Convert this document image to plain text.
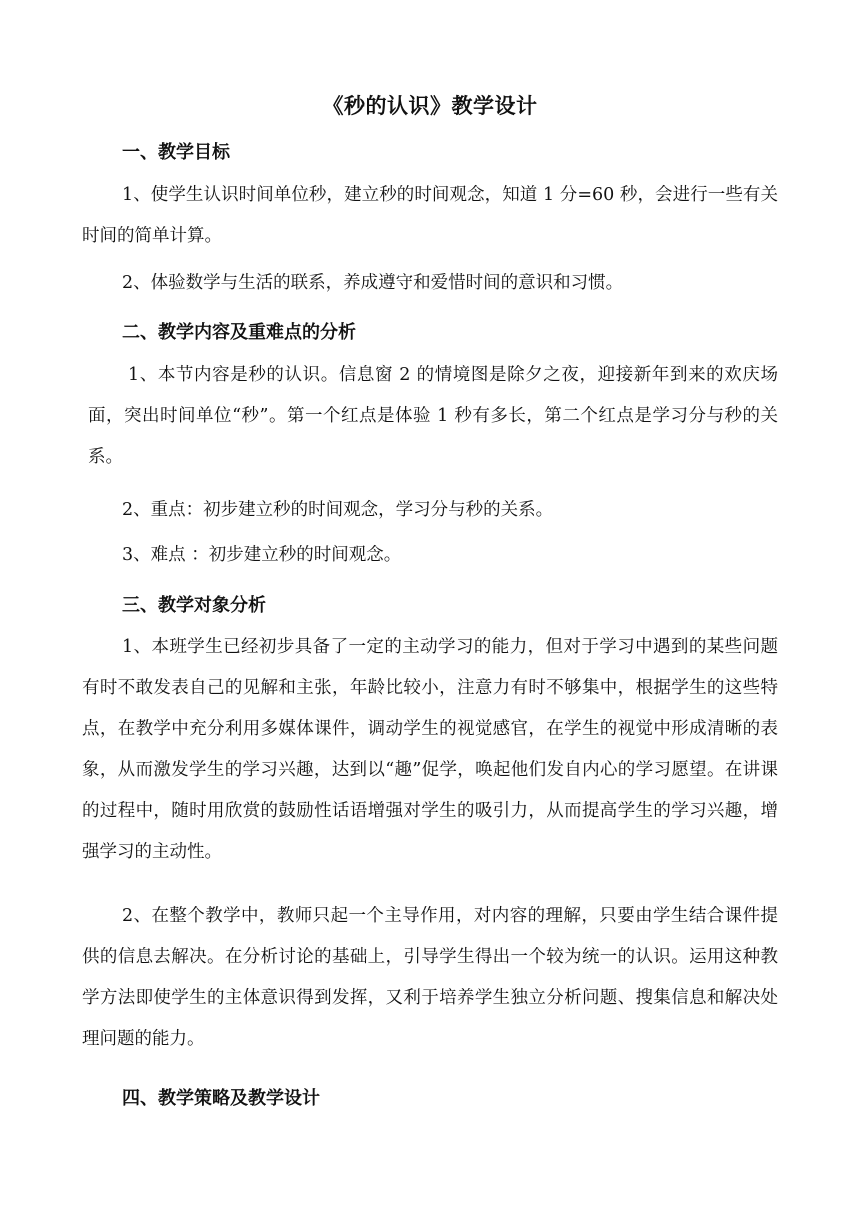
《秒的认识》教学设计
一、教学目标

1、使学生认识时间单位秒，建立秒的时间观念，知道 1 分=60 秒，会进行一些有关时间的简单计算。

2、体验数学与生活的联系，养成遵守和爱惜时间的意识和习惯。

二、教学内容及重难点的分析

1、本节内容是秒的认识。信息窗 2 的情境图是除夕之夜，迎接新年到来的欢庆场面，突出时间单位“秒”。第一个红点是体验 1 秒有多长，第二个红点是学习分与秒的关系。

2、重点：初步建立秒的时间观念，学习分与秒的关系。

3、难点 ：初步建立秒的时间观念。

三、教学对象分析

1、本班学生已经初步具备了一定的主动学习的能力，但对于学习中遇到的某些问题有时不敢发表自己的见解和主张，年龄比较小，注意力有时不够集中，根据学生的这些特点，在教学中充分利用多媒体课件，调动学生的视觉感官，在学生的视觉中形成清晰的表象，从而激发学生的学习兴趣，达到以“趣”促学，唤起他们发自内心的学习愿望。在讲课的过程中，随时用欣赏的鼓励性话语增强对学生的吸引力，从而提高学生的学习兴趣，增强学习的主动性。

2、在整个教学中，教师只起一个主导作用，对内容的理解，只要由学生结合课件提供的信息去解决。在分析讨论的基础上，引导学生得出一个较为统一的认识。运用这种教学方法即使学生的主体意识得到发挥，又利于培养学生独立分析问题、搜集信息和解决处理问题的能力。

四、教学策略及教学设计
